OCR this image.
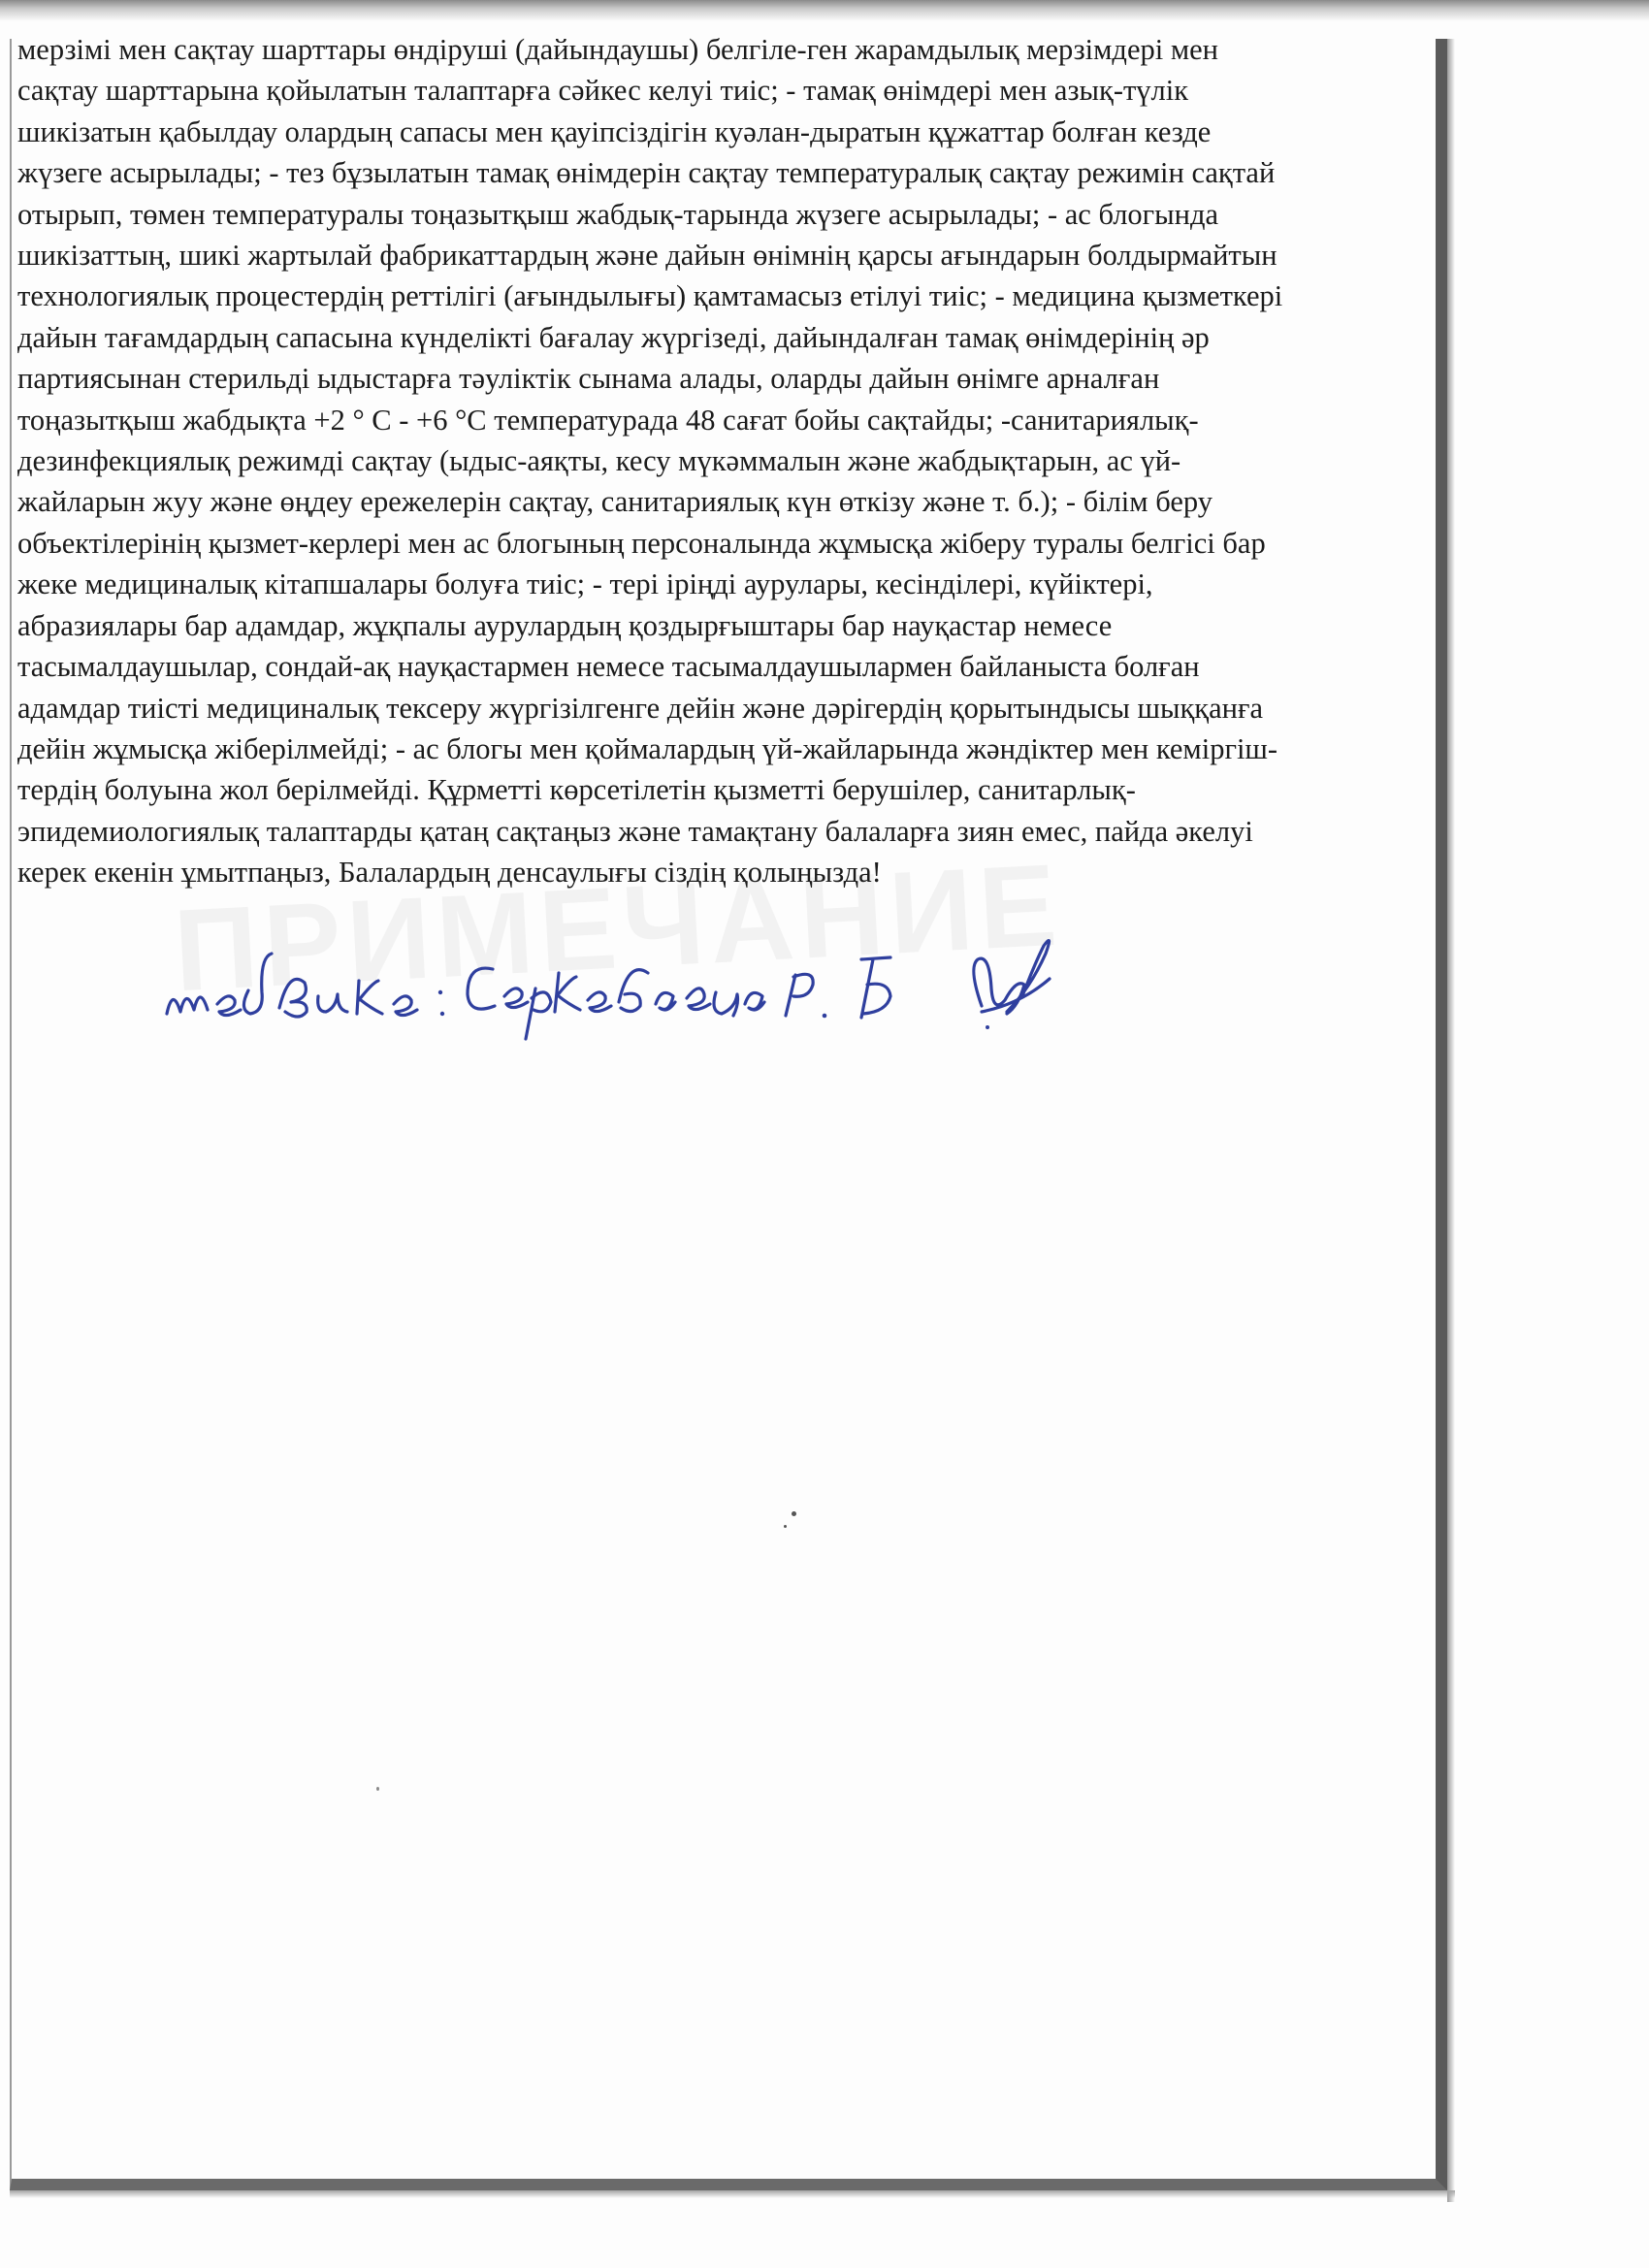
мерзімі мен сақтау шарттары өндіруші (дайындаушы) белгіле-ген жарамдылық мерзімдері мен
сақтау шарттарына қойылатын талаптарға сәйкес келуі тиіс; - тамақ өнімдері мен азық-түлік
шикізатын қабылдау олардың сапасы мен қауіпсіздігін куәлан-дыратын құжаттар болған кезде
жүзеге асырылады; - тез бұзылатын тамақ өнімдерін сақтау температуралық сақтау режимін сақтай
отырып, төмен температуралы тоңазытқыш жабдық-тарында жүзеге асырылады; - ас блогында
шикізаттың, шикі жартылай фабрикаттардың және дайын өнімнің қарсы ағындарын болдырмайтын
технологиялық процестердің реттілігі (ағындылығы) қамтамасыз етілуі тиіс; - медицина қызметкері
дайын тағамдардың сапасына күнделікті бағалау жүргізеді, дайындалған тамақ өнімдерінің әр
партиясынан стерильді ыдыстарға тәуліктік сынама алады, оларды дайын өнімге арналған
тоңазытқыш жабдықта +2 ° С - +6 °С температурада 48 сағат бойы сақтайды; -санитариялық-
дезинфекциялық режимді сақтау (ыдыс-аяқты, кесу мүкәммалын және жабдықтарын, ас үй-
жайларын жуу және өңдеу ережелерін сақтау, санитариялық күн өткізу және т. б.); - білім беру
объектілерінің қызмет-керлері мен ас блогының персоналында жұмысқа жіберу туралы белгісі бар
жеке медициналық кітапшалары болуға тиіс; - тері іріңді аурулары, кесінділері, күйіктері,
абразиялары бар адамдар, жұқпалы аурулардың қоздырғыштары бар науқастар немесе
тасымалдаушылар, сондай-ақ науқастармен немесе тасымалдаушылармен байланыста болған
адамдар тиісті медициналық тексеру жүргізілгенге дейін және дәрігердің қорытындысы шыққанға
дейін жұмысқа жіберілмейді; - ас блогы мен қоймалардың үй-жайларында жәндіктер мен кеміргіш-
тердің болуына жол берілмейді. Құрметті көрсетілетін қызметті берушілер, санитарлық-
эпидемиологиялық талаптарды қатаң сақтаңыз және тамақтану балаларға зиян емес, пайда әкелуі
керек екенін ұмытпаңыз, Балалардың денсаулығы сіздің қолыңызда!
